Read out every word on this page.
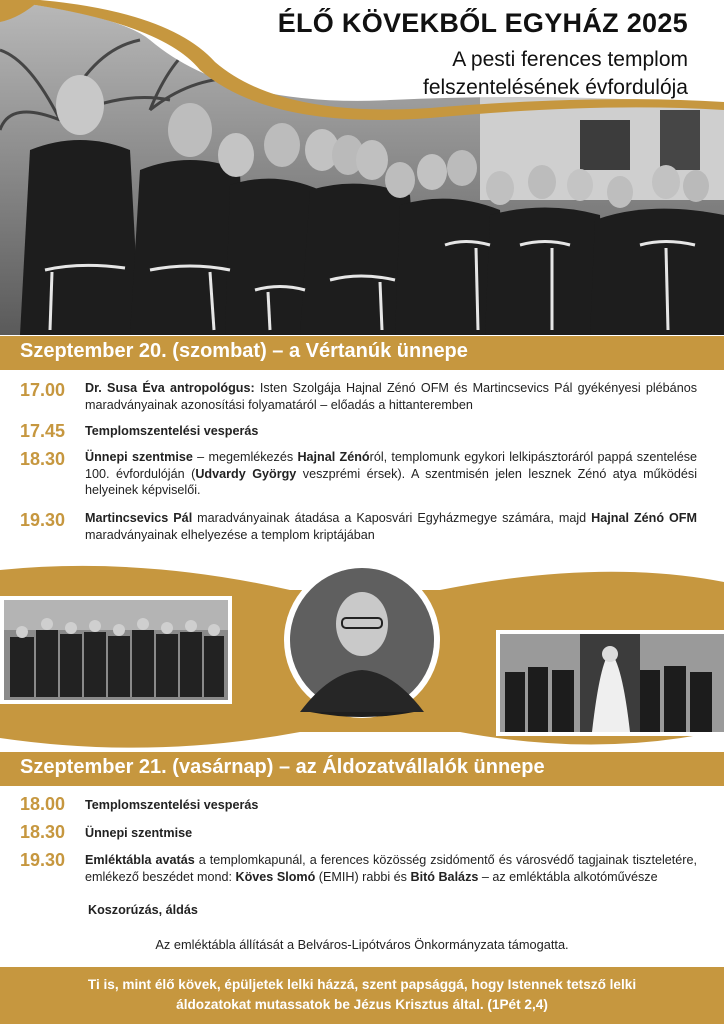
ÉLŐ KÖVEKBŐL EGYHÁZ 2025
A pesti ferences templom
felszentelésének évfordulója
Szeptember 20. (szombat) – a Vértanúk ünnepe
17.00 Dr. Susa Éva antropológus: Isten Szolgája Hajnal Zénó OFM és Martincsevics Pál gyékényesi plébános maradványainak azonosítási folyamatáról – előadás a hittanteremben
17.45 Templomszentelési vesperás
18.30 Ünnepi szentmise – megemlékezés Hajnal Zénóról, templomunk egykori lelkipásztoráról pappá szentelése 100. évfordulóján (Udvardy György veszprémi érsek). A szentmisén jelen lesznek Zénó atya működési helyeinek képviselői.
19.30 Martincsevics Pál maradványainak átadása a Kaposvári Egyházmegye számára, majd Hajnal Zénó OFM maradványainak elhelyezése a templom kriptájában
Szeptember 21. (vasárnap) – az Áldozatvállalók ünnepe
18.00 Templomszentelési vesperás
18.30 Ünnepi szentmise
19.30 Emléktábla avatás a templomkapunál, a ferences közösség zsidómentő és városvédő tagjainak tiszteletére, emlékező beszédet mond: Köves Slomó (EMIH) rabbi és Bitó Balázs – az emléktábla alkotóművésze
Koszorúzás, áldás
Az emléktábla állítását a Belváros-Lipótváros Önkormányzata támogatta.
Ti is, mint élő kövek, épüljetek lelki házzá, szent papsággá, hogy Istennek tetsző lelki
áldozatokat mutassatok be Jézus Krisztus által. (1Pét 2,4)
